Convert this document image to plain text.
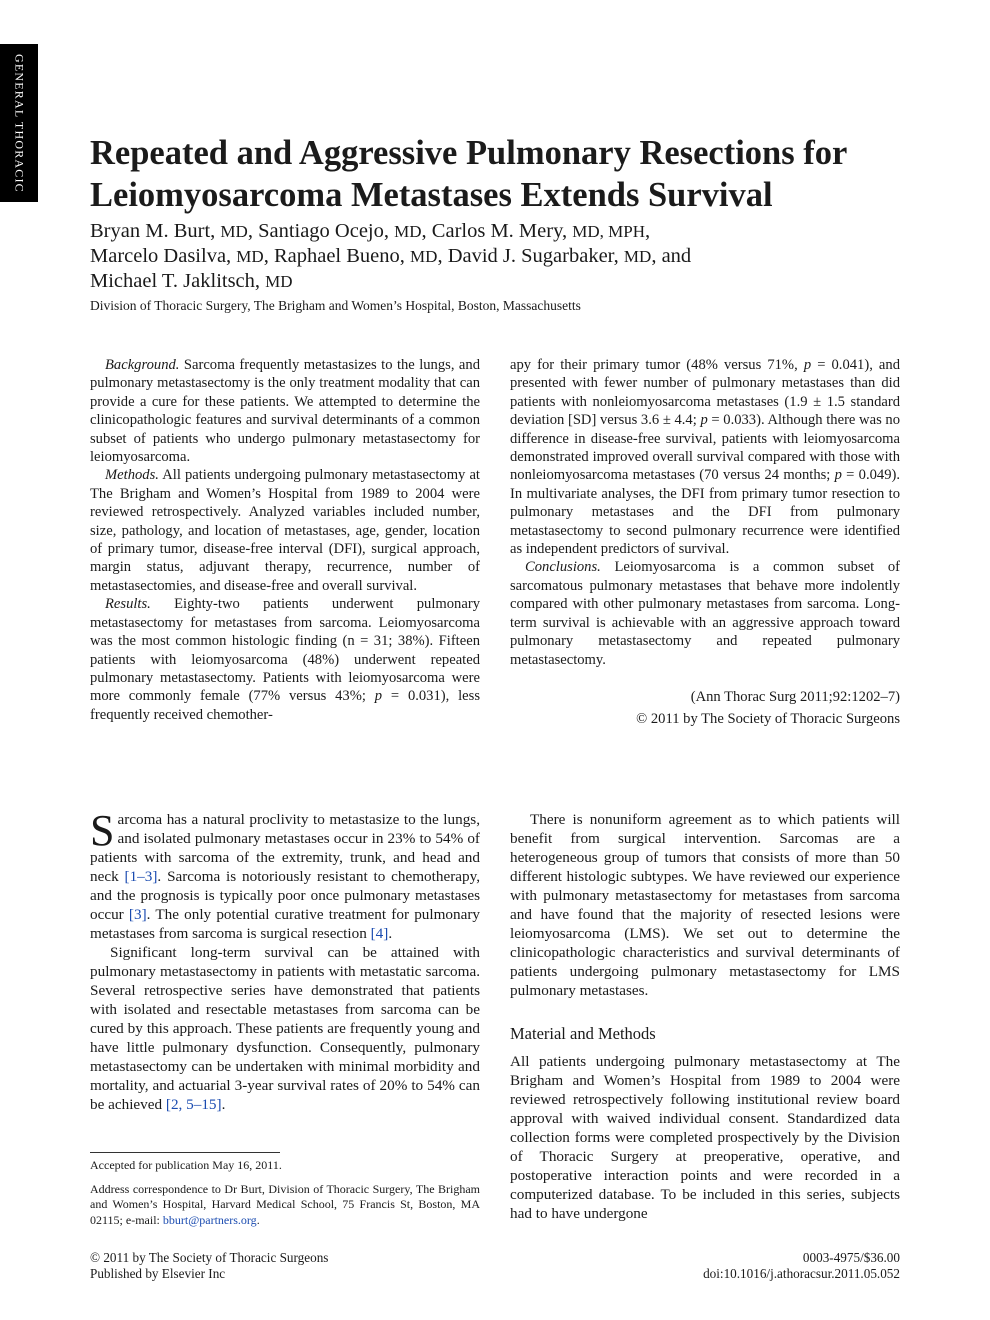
GENERAL THORACIC Repeated and Aggressive Pulmonary Resections for
Leiomyosarcoma Metastases Extends Survival
Bryan M. Burt, MD, Santiago Ocejo, MD, Carlos M. Mery, MD, MPH,
Marcelo Dasilva, MD, Raphael Bueno, MD, David J. Sugarbaker, MD, and
Michael T. Jaklitsch, MD
Division of Thoracic Surgery, The Brigham and Women’s Hospital, Boston, Massachusetts

Background. Sarcoma frequently metastasizes to the lungs, and pulmonary metastasectomy is the only treatment modality that can provide a cure for these patients. We attempted to determine the clinicopathologic features and survival determinants of a common subset of patients who undergo pulmonary metastasectomy for leiomyosarcoma.

Methods. All patients undergoing pulmonary metastasectomy at The Brigham and Women’s Hospital from 1989 to 2004 were reviewed retrospectively. Analyzed variables included number, size, pathology, and location of metastases, age, gender, location of primary tumor, disease-free interval (DFI), surgical approach, margin status, adjuvant therapy, recurrence, number of metastasectomies, and disease-free and overall survival.

Results. Eighty-two patients underwent pulmonary metastasectomy for metastases from sarcoma. Leiomyosarcoma was the most common histologic finding (n = 31; 38%). Fifteen patients with leiomyosarcoma (48%) underwent repeated pulmonary metastasectomy. Patients with leiomyosarcoma were more commonly female (77% versus 43%; p = 0.031), less frequently received chemother-

apy for their primary tumor (48% versus 71%, p = 0.041), and presented with fewer number of pulmonary metastases than did patients with nonleiomyosarcoma metastases (1.9 ± 1.5 standard deviation [SD] versus 3.6 ± 4.4; p = 0.033). Although there was no difference in disease-free survival, patients with leiomyosarcoma demonstrated improved overall survival compared with those with nonleiomyosarcoma metastases (70 versus 24 months; p = 0.049). In multivariate analyses, the DFI from primary tumor resection to pulmonary metastases and the DFI from pulmonary metastasectomy to second pulmonary recurrence were identified as independent predictors of survival.

Conclusions. Leiomyosarcoma is a common subset of sarcomatous pulmonary metastases that behave more indolently compared with other pulmonary metastases from sarcoma. Long-term survival is achievable with an aggressive approach toward pulmonary metastasectomy and repeated pulmonary metastasectomy.

(Ann Thorac Surg 2011;92:1202–7)
© 2011 by The Society of Thoracic Surgeons

Sarcoma has a natural proclivity to metastasize to the lungs, and isolated pulmonary metastases occur in 23% to 54% of patients with sarcoma of the extremity, trunk, and head and neck [1–3]. Sarcoma is notoriously resistant to chemotherapy, and the prognosis is typically poor once pulmonary metastases occur [3]. The only potential curative treatment for pulmonary metastases from sarcoma is surgical resection [4].

Significant long-term survival can be attained with pulmonary metastasectomy in patients with metastatic sarcoma. Several retrospective series have demonstrated that patients with isolated and resectable metastases from sarcoma can be cured by this approach. These patients are frequently young and have little pulmonary dysfunction. Consequently, pulmonary metastasectomy can be undertaken with minimal morbidity and mortality, and actuarial 3-year survival rates of 20% to 54% can be achieved [2, 5–15].

There is nonuniform agreement as to which patients will benefit from surgical intervention. Sarcomas are a heterogeneous group of tumors that consists of more than 50 different histologic subtypes. We have reviewed our experience with pulmonary metastasectomy for metastases from sarcoma and have found that the majority of resected lesions were leiomyosarcoma (LMS). We set out to determine the clinicopathologic characteristics and survival determinants of patients undergoing pulmonary metastasectomy for LMS pulmonary metastases.

Material and Methods

All patients undergoing pulmonary metastasectomy at The Brigham and Women’s Hospital from 1989 to 2004 were reviewed retrospectively following institutional review board approval with waived individual consent. Standardized data collection forms were completed prospectively by the Division of Thoracic Surgery at preoperative, operative, and postoperative interaction points and were recorded in a computerized database. To be included in this series, subjects had to have undergone

Accepted for publication May 16, 2011.

Address correspondence to Dr Burt, Division of Thoracic Surgery, The Brigham and Women’s Hospital, Harvard Medical School, 75 Francis St, Boston, MA 02115; e-mail: bburt@partners.org.

© 2011 by The Society of Thoracic Surgeons
Published by Elsevier Inc
0003-4975/$36.00
doi:10.1016/j.athoracsur.2011.05.052
